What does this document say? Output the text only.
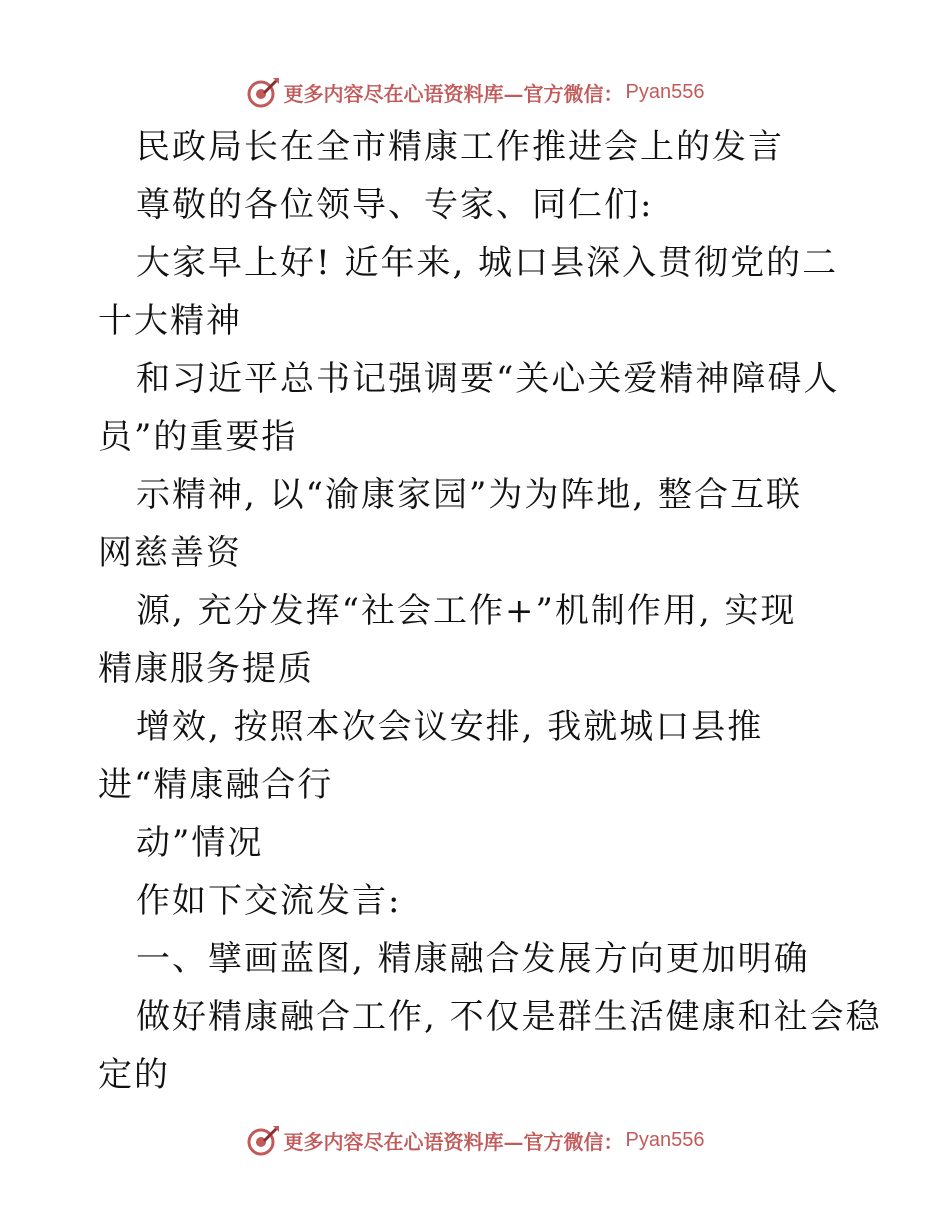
更多内容尽在心语资料库—官方微信： Pyan556
民政局长在全市精康工作推进会上的发言
尊敬的各位领导、专家、同仁们:
大家早上好! 近年来, 城口县深入贯彻党的二
十大精神
和习近平总书记强调要“关心关爱精神障碍人
员”的重要指
示精神, 以“渝康家园”为为阵地, 整合互联
网慈善资
源, 充分发挥“社会工作+”机制作用, 实现
精康服务提质
增效, 按照本次会议安排, 我就城口县推
进“精康融合行
动”情况
作如下交流发言:
一、擘画蓝图, 精康融合发展方向更加明确
做好精康融合工作, 不仅是群生活健康和社会稳
定的
更多内容尽在心语资料库—官方微信： Pyan556
